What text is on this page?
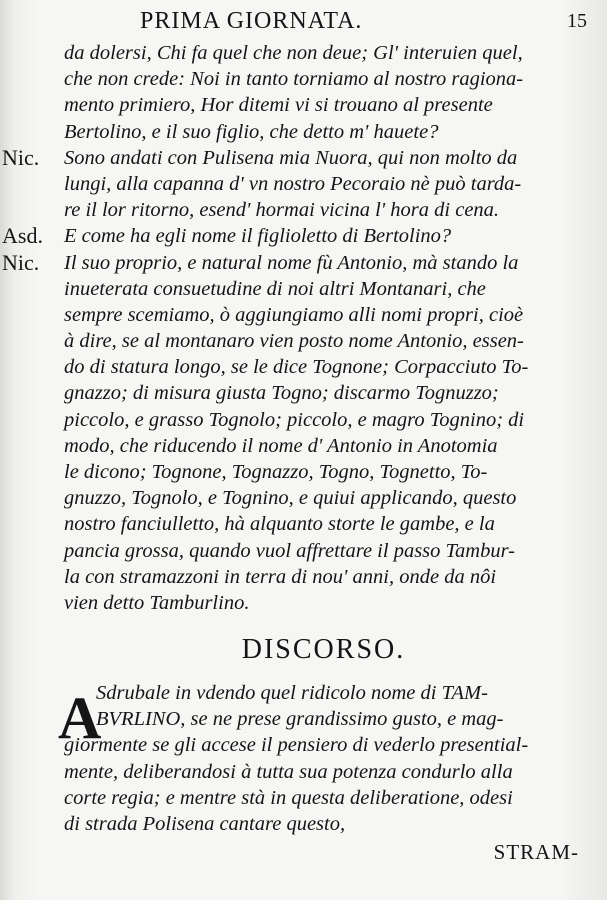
PRIMA GIORNATA.	15
da dolersi, Chi fa quel che non deue; Gl' interuien quel,
che non crede: Noi in tanto torniamo al nostro ragiona-
mento primiero, Hor ditemi vi si trouano al presente
Bertolino, e il suo figlio, che detto m' hauete?
Nic. Sono andati con Pulisena mia Nuora, qui non molto da
lungi, alla capanna d' vn nostro Pecoraio nè può tarda-
re il lor ritorno, esend' hormai vicina l' hora di cena.
Asd. E come ha egli nome il figlioletto di Bertolino?
Nic. Il suo proprio, e natural nome fù Antonio, mà stando la
inueterata consuetudine di noi altri Montanari, che
sempre scemiamo, ò aggiungiamo alli nomi propri, cioè
à dire, se al montanaro vien posto nome Antonio, essen-
do di statura longo, se le dice Tognone; Corpacciuto To-
gnazzo; di misura giusta Togno; discarmo Tognuzzo;
piccolo, e grasso Tognolo; piccolo, e magro Tognino; di
modo, che riducendo il nome d' Antonio in Anotomia
le dicono; Tognone, Tognazzo, Togno, Tognetto, To-
gnuzzo, Tognolo, e Tognino, e quiui applicando, questo
nostro fanciulletto, hà alquanto storte le gambe, e la
pancia grossa, quando vuol affrettare il passo Tambur-
la con stramazzoni in terra di nou' anni, onde da nôi
vien detto Tamburlino.
DISCORSO.
A
Sdrubale in vdendo quel ridicolo nome di TAM-
BVRLINO, se ne prese grandissimo gusto, e mag-
giormente se gli accese il pensiero di vederlo presential-
mente, deliberandosi à tutta sua potenza condurlo alla
corte regia; e mentre stà in questa deliberatione, odesi
di strada Polisena cantare questo,
STRAM-
